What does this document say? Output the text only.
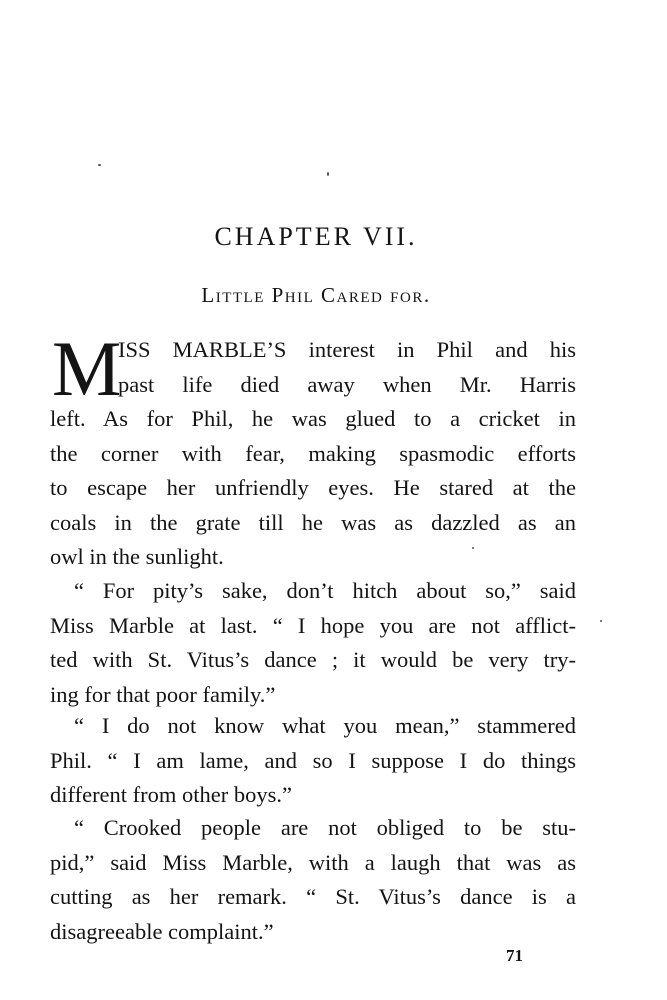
CHAPTER VII.
Little Phil Cared for.
M
ISS MARBLE’S interest in Phil and his
past life died away when Mr. Harris
left. As for Phil, he was glued to a cricket in
the corner with fear, making spasmodic efforts
to escape her unfriendly eyes. He stared at the
coals in the grate till he was as dazzled as an
owl in the sunlight.
“ For pity’s sake, don’t hitch about so,” said
Miss Marble at last. “ I hope you are not afflict-
ted with St. Vitus’s dance ; it would be very try-
ing for that poor family.”
“ I do not know what you mean,” stammered
Phil. “ I am lame, and so I suppose I do things
different from other boys.”
“ Crooked people are not obliged to be stu-
pid,” said Miss Marble, with a laugh that was as
cutting as her remark. “ St. Vitus’s dance is a
disagreeable complaint.”
71
